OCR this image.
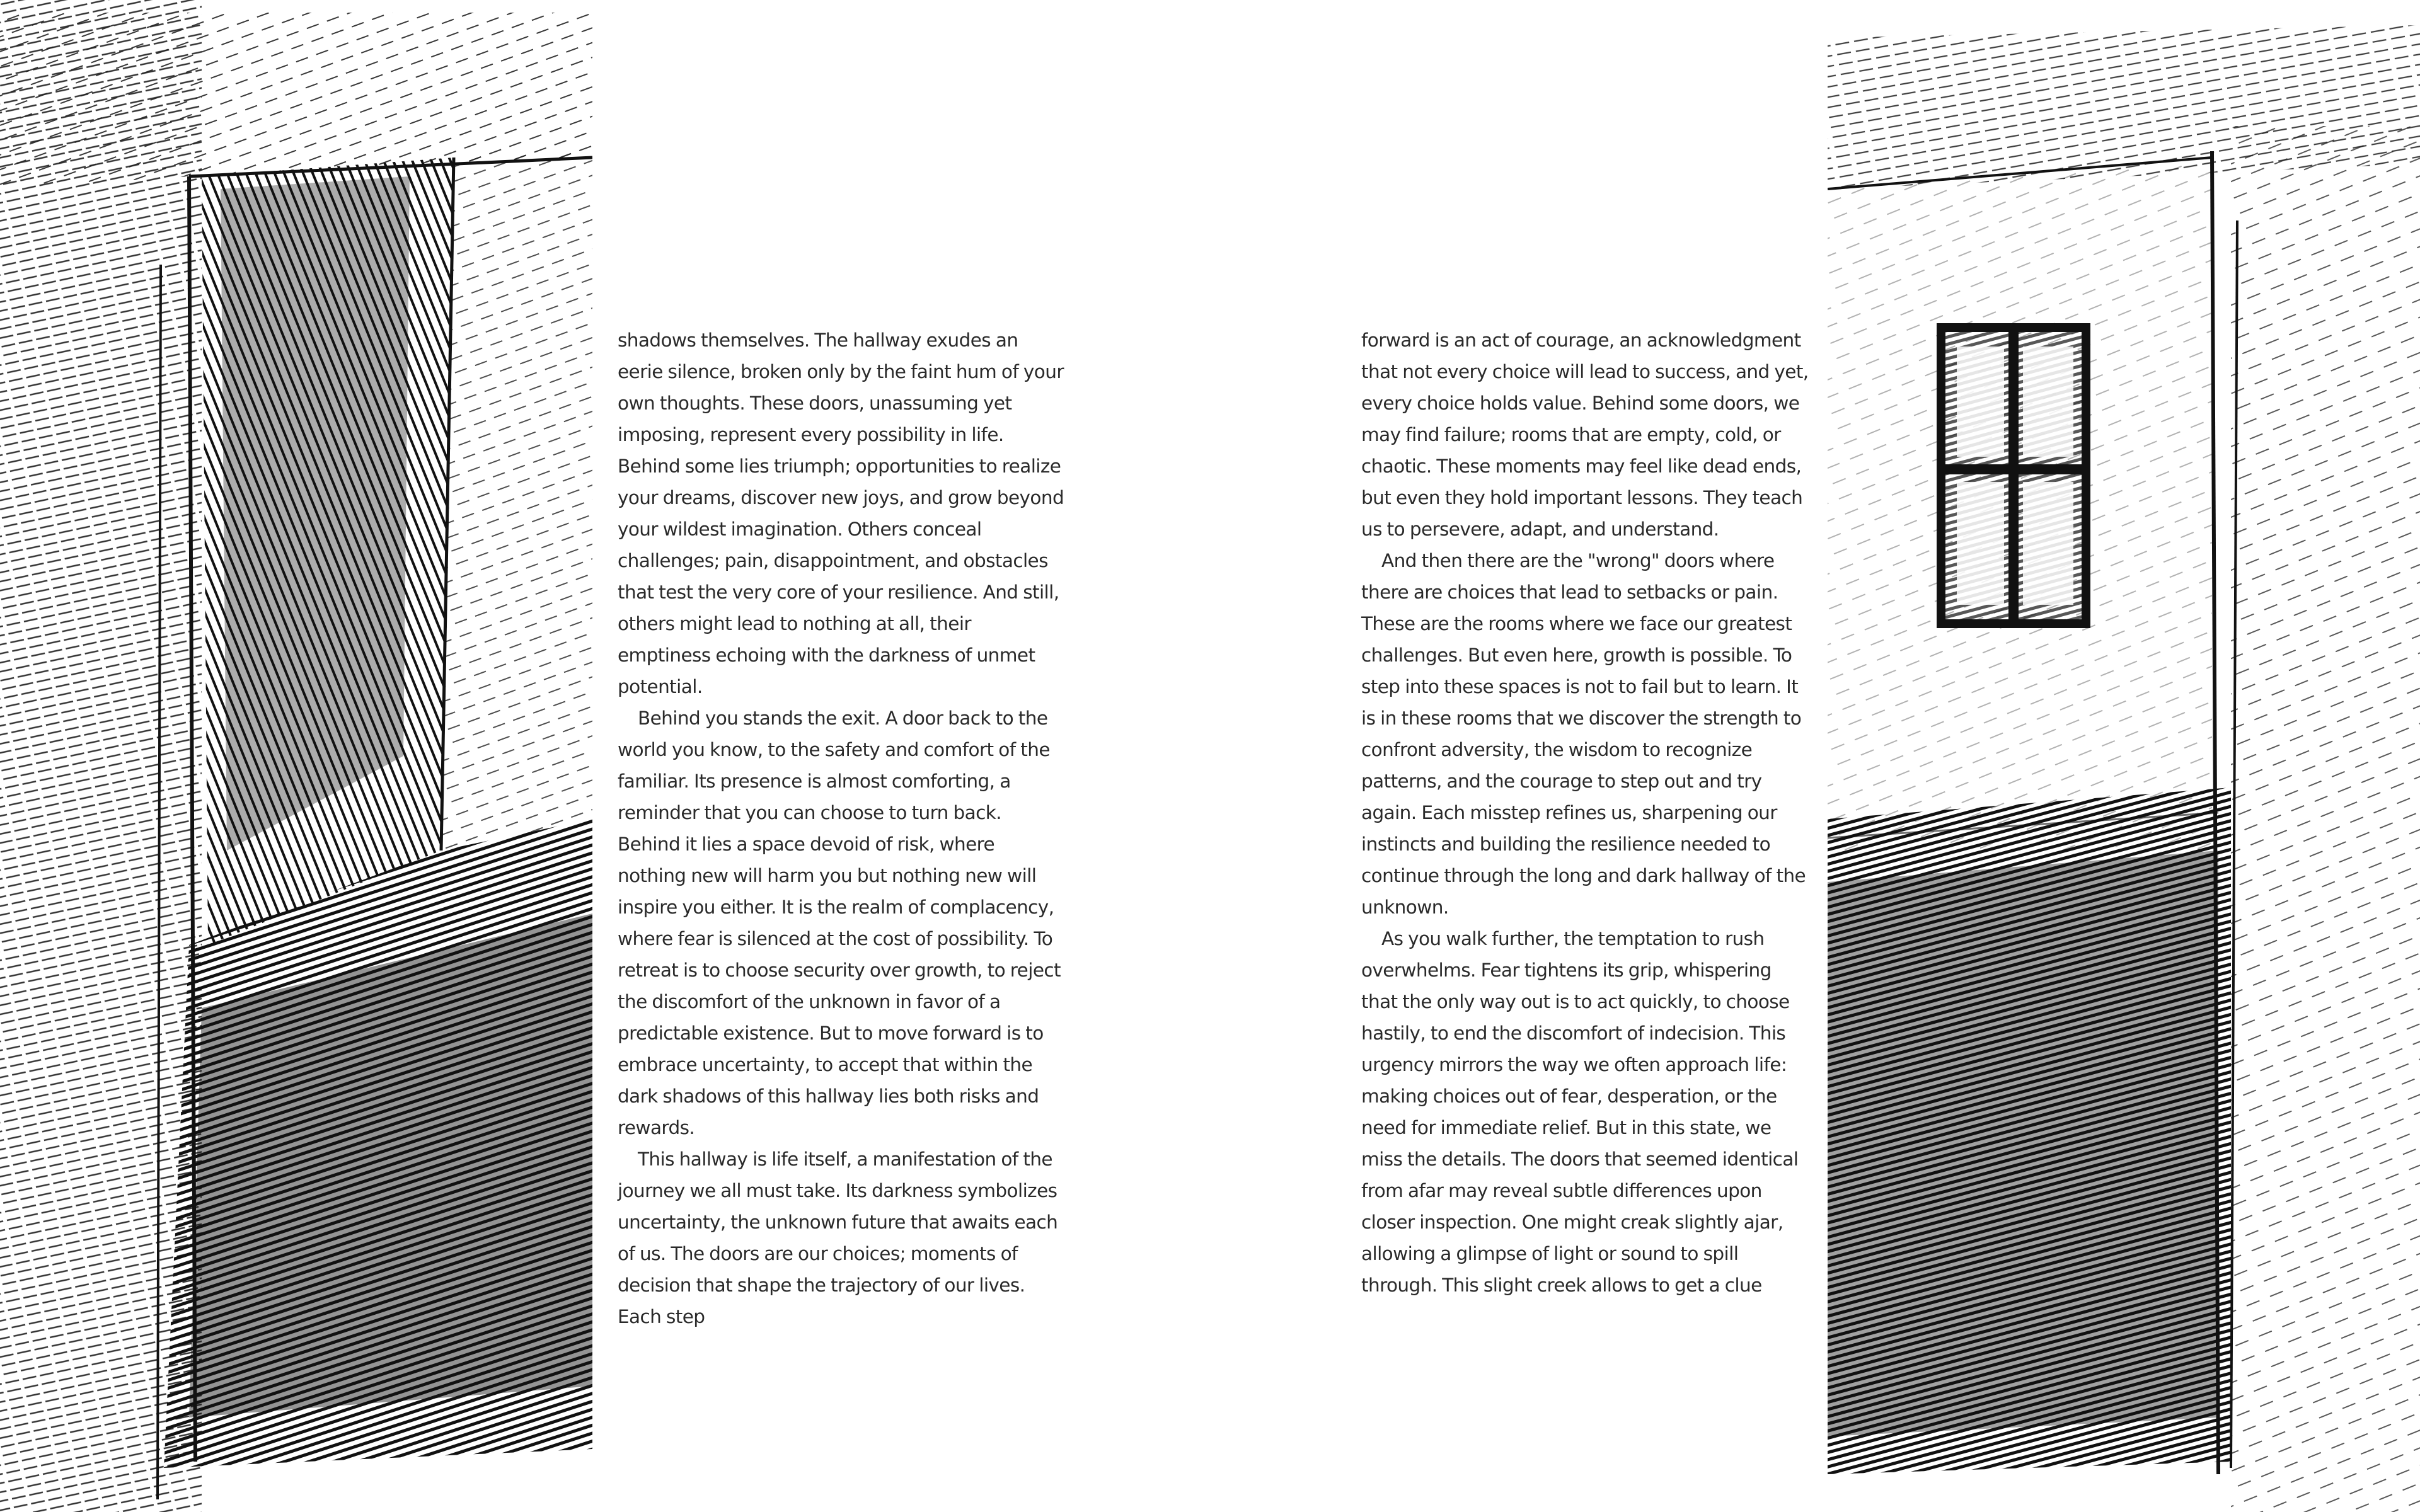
shadows themselves. The hallway exudes an eerie silence, broken only by the faint hum of your own thoughts. These doors, unassuming yet imposing, represent every possibility in life. Behind some lies triumph; opportunities to realize your dreams, discover new joys, and grow beyond your wildest imagination. Others conceal challenges; pain, disappointment, and obstacles that test the very core of your resilience. And still, others might lead to nothing at all, their emptiness echoing with the darkness of unmet potential.

Behind you stands the exit. A door back to the world you know, to the safety and comfort of the familiar. Its presence is almost comforting, a reminder that you can choose to turn back. Behind it lies a space devoid of risk, where nothing new will harm you but nothing new will inspire you either. It is the realm of complacency, where fear is silenced at the cost of possibility. To retreat is to choose security over growth, to reject the discomfort of the unknown in favor of a predictable existence. But to move forward is to embrace uncertainty, to accept that within the dark shadows of this hallway lies both risks and rewards.

This hallway is life itself, a manifestation of the journey we all must take. Its darkness symbolizes uncertainty, the unknown future that awaits each of us. The doors are our choices; moments of decision that shape the trajectory of our lives. Each step

forward is an act of courage, an acknowledgment that not every choice will lead to success, and yet, every choice holds value. Behind some doors, we may find failure; rooms that are empty, cold, or chaotic. These moments may feel like dead ends, but even they hold important lessons. They teach us to persevere, adapt, and understand.

And then there are the "wrong" doors where there are choices that lead to setbacks or pain. These are the rooms where we face our greatest challenges. But even here, growth is possible. To step into these spaces is not to fail but to learn. It is in these rooms that we discover the strength to confront adversity, the wisdom to recognize patterns, and the courage to step out and try again. Each misstep refines us, sharpening our instincts and building the resilience needed to continue through the long and dark hallway of the unknown.

As you walk further, the temptation to rush overwhelms. Fear tightens its grip, whispering that the only way out is to act quickly, to choose hastily, to end the discomfort of indecision. This urgency mirrors the way we often approach life: making choices out of fear, desperation, or the need for immediate relief. But in this state, we miss the details. The doors that seemed identical from afar may reveal subtle differences upon closer inspection. One might creak slightly ajar, allowing a glimpse of light or sound to spill through. This slight creek allows to get a clue
